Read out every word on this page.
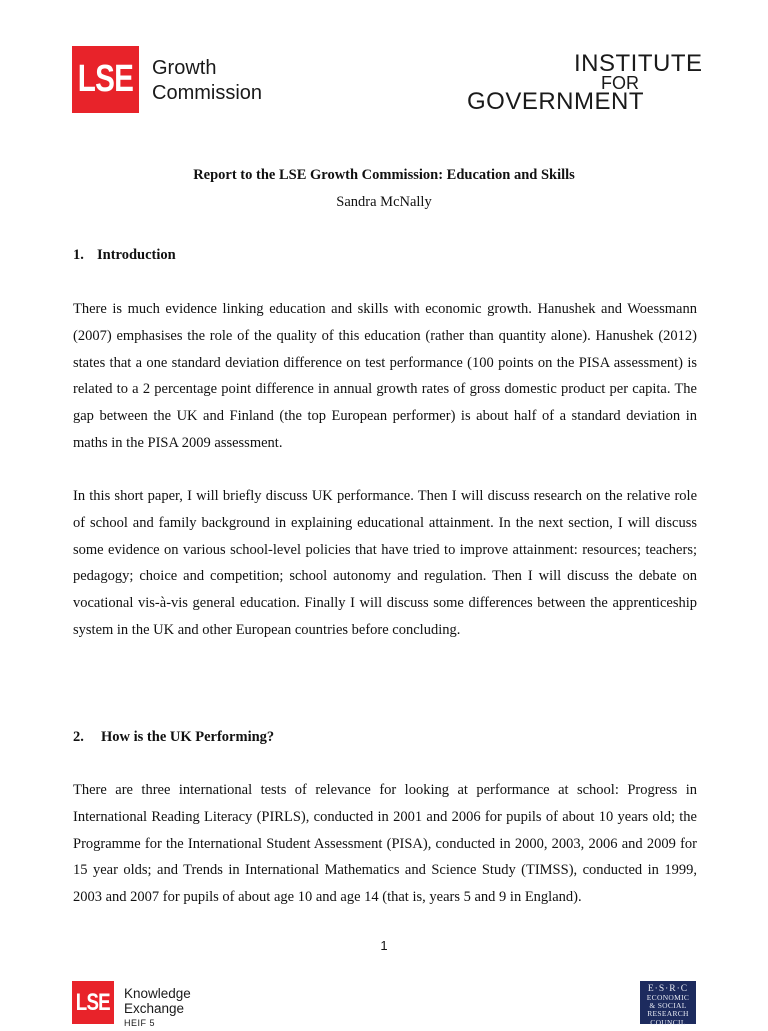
LSE Growth
Commission
INSTITUTE
FOR
GOVERNMENT
Report to the LSE Growth Commission: Education and Skills
Sandra McNally
1. Introduction
There is much evidence linking education and skills with economic growth. Hanushek and Woessmann (2007) emphasises the role of the quality of this education (rather than quantity alone). Hanushek (2012) states that a one standard deviation difference on test performance (100 points on the PISA assessment) is related to a 2 percentage point difference in annual growth rates of gross domestic product per capita. The gap between the UK and Finland (the top European performer) is about half of a standard deviation in maths in the PISA 2009 assessment.
In this short paper, I will briefly discuss UK performance. Then I will discuss research on the relative role of school and family background in explaining educational attainment. In the next section, I will discuss some evidence on various school-level policies that have tried to improve attainment: resources; teachers; pedagogy; choice and competition; school autonomy and regulation. Then I will discuss the debate on vocational vis-à-vis general education. Finally I will discuss some differences between the apprenticeship system in the UK and other European countries before concluding.
2. How is the UK Performing?
There are three international tests of relevance for looking at performance at school: Progress in International Reading Literacy (PIRLS), conducted in 2001 and 2006 for pupils of about 10 years old; the Programme for the International Student Assessment (PISA), conducted in 2000, 2003, 2006 and 2009 for 15 year olds; and Trends in International Mathematics and Science Study (TIMSS), conducted in 1999, 2003 and 2007 for pupils of about age 10 and age 14 (that is, years 5 and 9 in England).
1
LSE Knowledge
Exchange
HEIF 5
E·S·R·C
ECONOMIC
& SOCIAL
RESEARCH
COUNCIL
